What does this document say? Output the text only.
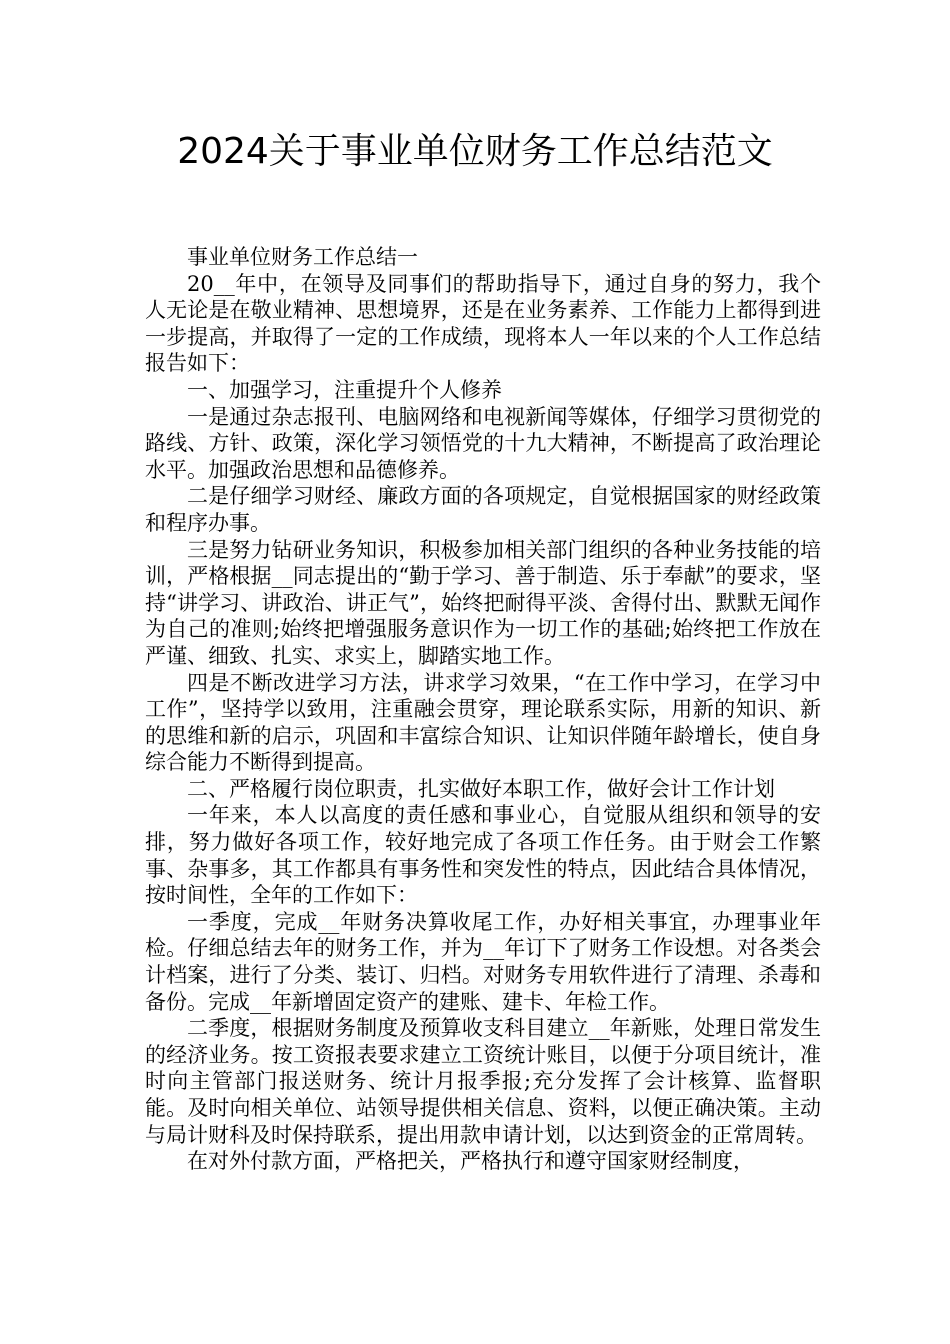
2024关于事业单位财务工作总结范文

事业单位财务工作总结一

20__年中，在领导及同事们的帮助指导下，通过自身的努力，我个人无论是在敬业精神、思想境界，还是在业务素养、工作能力上都得到进一步提高，并取得了一定的工作成绩，现将本人一年以来的个人工作总结报告如下：

一、加强学习，注重提升个人修养

一是通过杂志报刊、电脑网络和电视新闻等媒体，仔细学习贯彻党的路线、方针、政策，深化学习领悟党的十九大精神，不断提高了政治理论水平。加强政治思想和品德修养。

二是仔细学习财经、廉政方面的各项规定，自觉根据国家的财经政策和程序办事。

三是努力钻研业务知识，积极参加相关部门组织的各种业务技能的培训，严格根据__同志提出的“勤于学习、善于制造、乐于奉献”的要求，坚持“讲学习、讲政治、讲正气”，始终把耐得平淡、舍得付出、默默无闻作为自己的准则;始终把增强服务意识作为一切工作的基础;始终把工作放在严谨、细致、扎实、求实上，脚踏实地工作。

四是不断改进学习方法，讲求学习效果，“在工作中学习，在学习中工作”，坚持学以致用，注重融会贯穿，理论联系实际，用新的知识、新的思维和新的启示，巩固和丰富综合知识、让知识伴随年龄增长，使自身综合能力不断得到提高。

二、严格履行岗位职责，扎实做好本职工作，做好会计工作计划

一年来，本人以高度的责任感和事业心，自觉服从组织和领导的安排，努力做好各项工作，较好地完成了各项工作任务。由于财会工作繁事、杂事多，其工作都具有事务性和突发性的特点，因此结合具体情况，按时间性，全年的工作如下：

一季度，完成__年财务决算收尾工作，办好相关事宜，办理事业年检。仔细总结去年的财务工作，并为__年订下了财务工作设想。对各类会计档案，进行了分类、装订、归档。对财务专用软件进行了清理、杀毒和备份。完成__年新增固定资产的建账、建卡、年检工作。

二季度，根据财务制度及预算收支科目建立__年新账，处理日常发生的经济业务。按工资报表要求建立工资统计账目，以便于分项目统计，准时向主管部门报送财务、统计月报季报;充分发挥了会计核算、监督职能。及时向相关单位、站领导提供相关信息、资料，以便正确决策。主动与局计财科及时保持联系，提出用款申请计划，以达到资金的正常周转。

在对外付款方面，严格把关，严格执行和遵守国家财经制度，
